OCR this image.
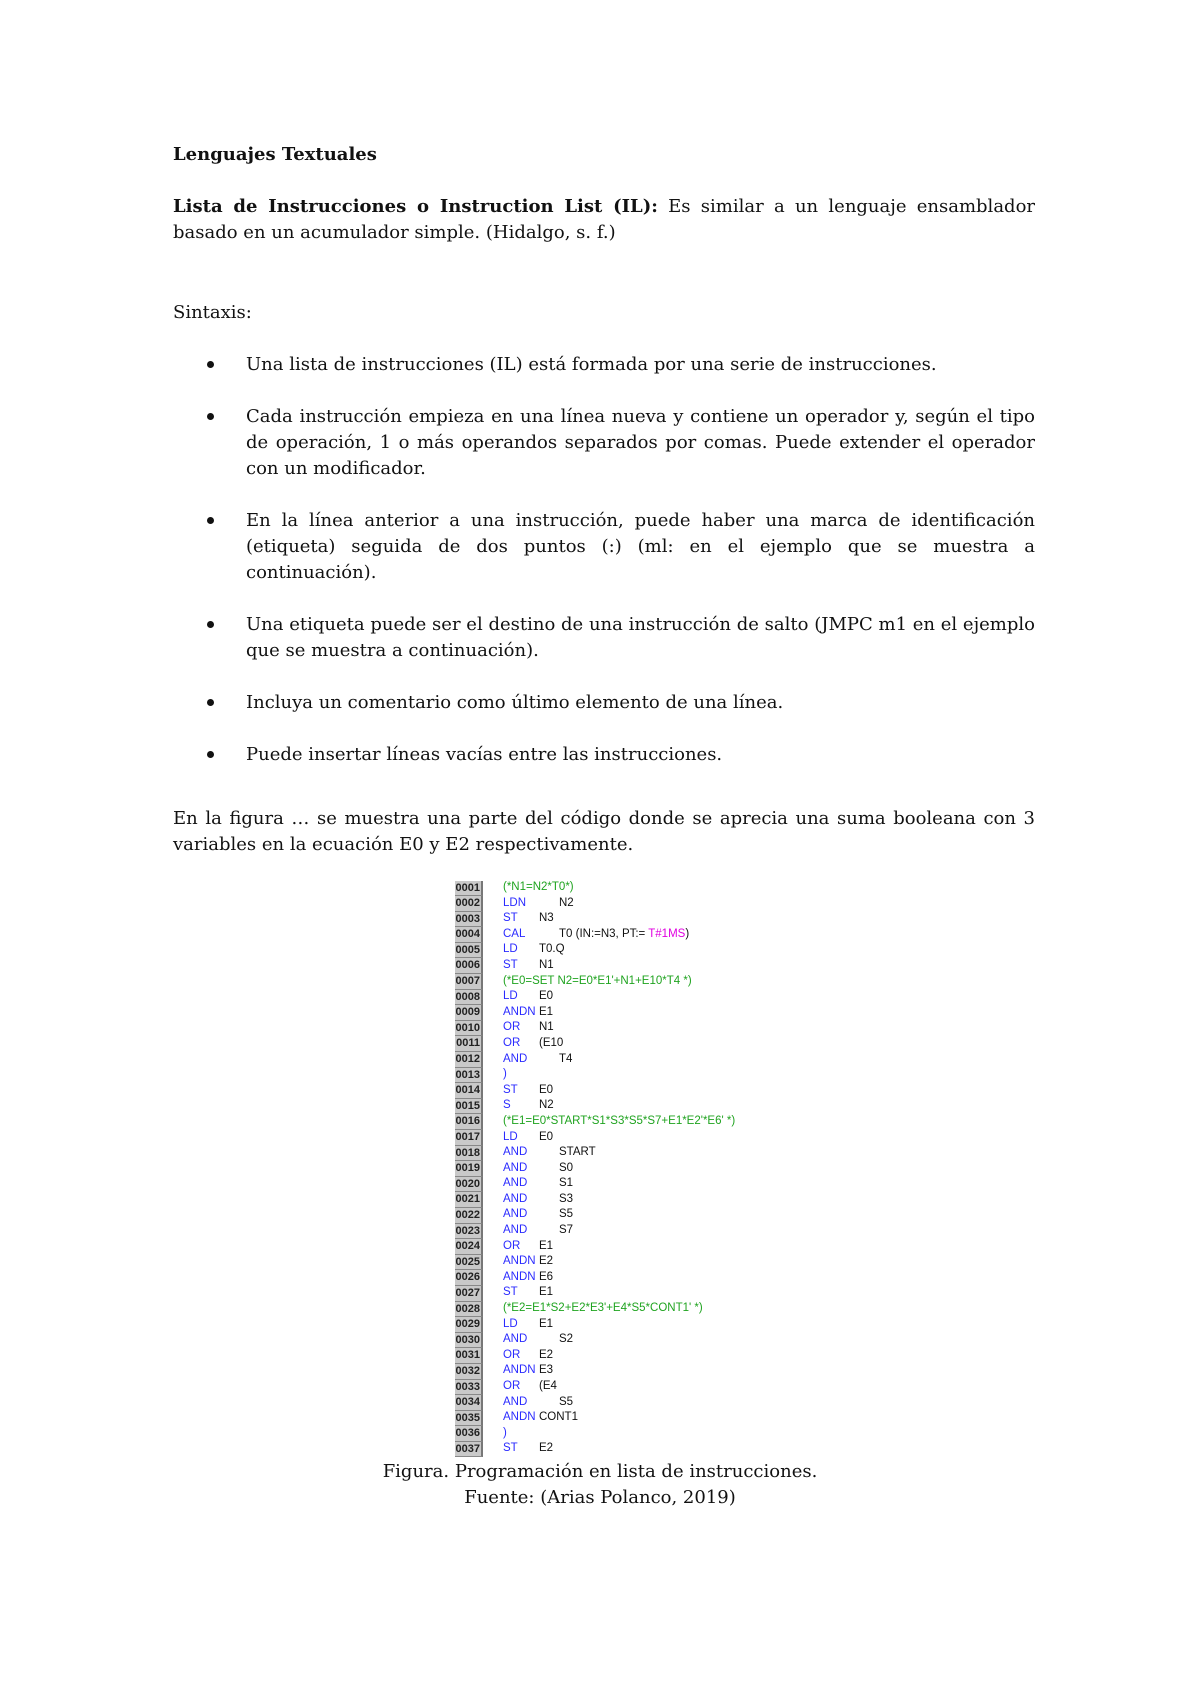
Lenguajes Textuales
Lista de Instrucciones o Instruction List (IL): Es similar a un lenguaje ensamblador basado en un acumulador simple. (Hidalgo, s. f.)
Sintaxis:
Una lista de instrucciones (IL) está formada por una serie de instrucciones.
Cada instrucción empieza en una línea nueva y contiene un operador y, según el tipo de operación, 1 o más operandos separados por comas. Puede extender el operador con un modificador.
En la línea anterior a una instrucción, puede haber una marca de identificación (etiqueta) seguida de dos puntos (:) (ml: en el ejemplo que se muestra a continuación).
Una etiqueta puede ser el destino de una instrucción de salto (JMPC m1 en el ejemplo que se muestra a continuación).
Incluya un comentario como último elemento de una línea.
Puede insertar líneas vacías entre las instrucciones.
En la figura … se muestra una parte del código donde se aprecia una suma booleana con 3 variables en la ecuación E0 y E2 respectivamente.
0001 (*N1=N2*T0*)
0002 LDN	N2
0003 ST N3
0004 CAL	T0 (IN:=N3, PT:= T#1MS)
0005 LD T0.Q
0006 ST N1
0007 (*E0=SET N2=E0*E1'+N1+E10*T4 *)
0008 LD E0
0009 ANDN E1
0010 OR N1
0011 OR (E10
0012 AND	T4
0013 )
0014 ST E0
0015 S N2
0016 (*E1=E0*START*S1*S3*S5*S7+E1*E2'*E6' *)
0017 LD E0
0018 AND	START
0019 AND	S0
0020 AND	S1
0021 AND	S3
0022 AND	S5
0023 AND	S7
0024 OR E1
0025 ANDN E2
0026 ANDN E6
0027 ST E1
0028 (*E2=E1*S2+E2*E3'+E4*S5*CONT1' *)
0029 LD E1
0030 AND	S2
0031 OR E2
0032 ANDN E3
0033 OR (E4
0034 AND	S5
0035 ANDN CONT1
0036 )
0037 ST E2
Figura. Programación en lista de instrucciones.
Fuente: (Arias Polanco, 2019)
